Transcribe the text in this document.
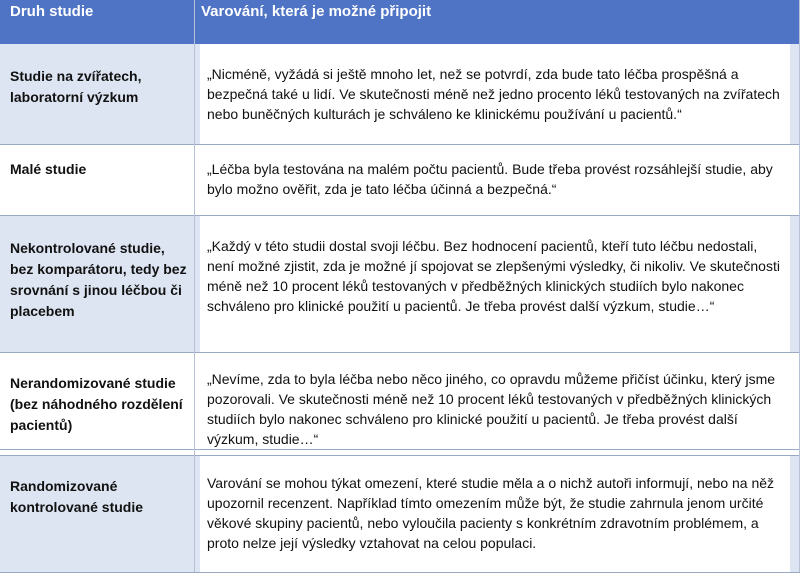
Druh studie	Varování, která je možné připojit
Studie na zvířatech, laboratorní výzkum

„Nicméně, vyžádá si ještě mnoho let, než se potvrdí, zda bude tato léčba prospěšná a bezpečná také u lidí. Ve skutečnosti méně než jedno procento léků testovaných na zvířatech nebo buněčných kulturách je schváleno ke klinickému používání u pacientů.“

Malé studie	„Léčba byla testována na malém počtu pacientů. Bude třeba provést rozsáhlejší studie, aby bylo možno ověřit, zda je tato léčba účinná a bezpečná.“

Nekontrolované studie, bez komparátoru, tedy bez srovnání s jinou léčbou či placebem

„Každý v této studii dostal svoji léčbu. Bez hodnocení pacientů, kteří tuto léčbu nedostali, není možné zjistit, zda je možné jí spojovat se zlepšenými výsledky, či nikoliv. Ve skutečnosti méně než 10 procent léků testovaných v předběžných klinických studiích bylo nakonec schváleno pro klinické použití u pacientů. Je třeba provést další výzkum, studie…“

Nerandomizované studie (bez náhodného rozdělení pacientů)

„Nevíme, zda to byla léčba nebo něco jiného, co opravdu můžeme přičíst účinku, který jsme pozorovali. Ve skutečnosti méně než 10 procent léků testovaných v předběžných klinických studiích bylo nakonec schváleno pro klinické použití u pacientů. Je třeba provést další výzkum, studie…“

Randomizované kontrolované studie

Varování se mohou týkat omezení, které studie měla a o nichž autoři informují, nebo na něž upozornil recenzent. Například tímto omezením může být, že studie zahrnula jenom určité věkové skupiny pacientů, nebo vyloučila pacienty s konkrétním zdravotním problémem, a proto nelze její výsledky vztahovat na celou populaci.
